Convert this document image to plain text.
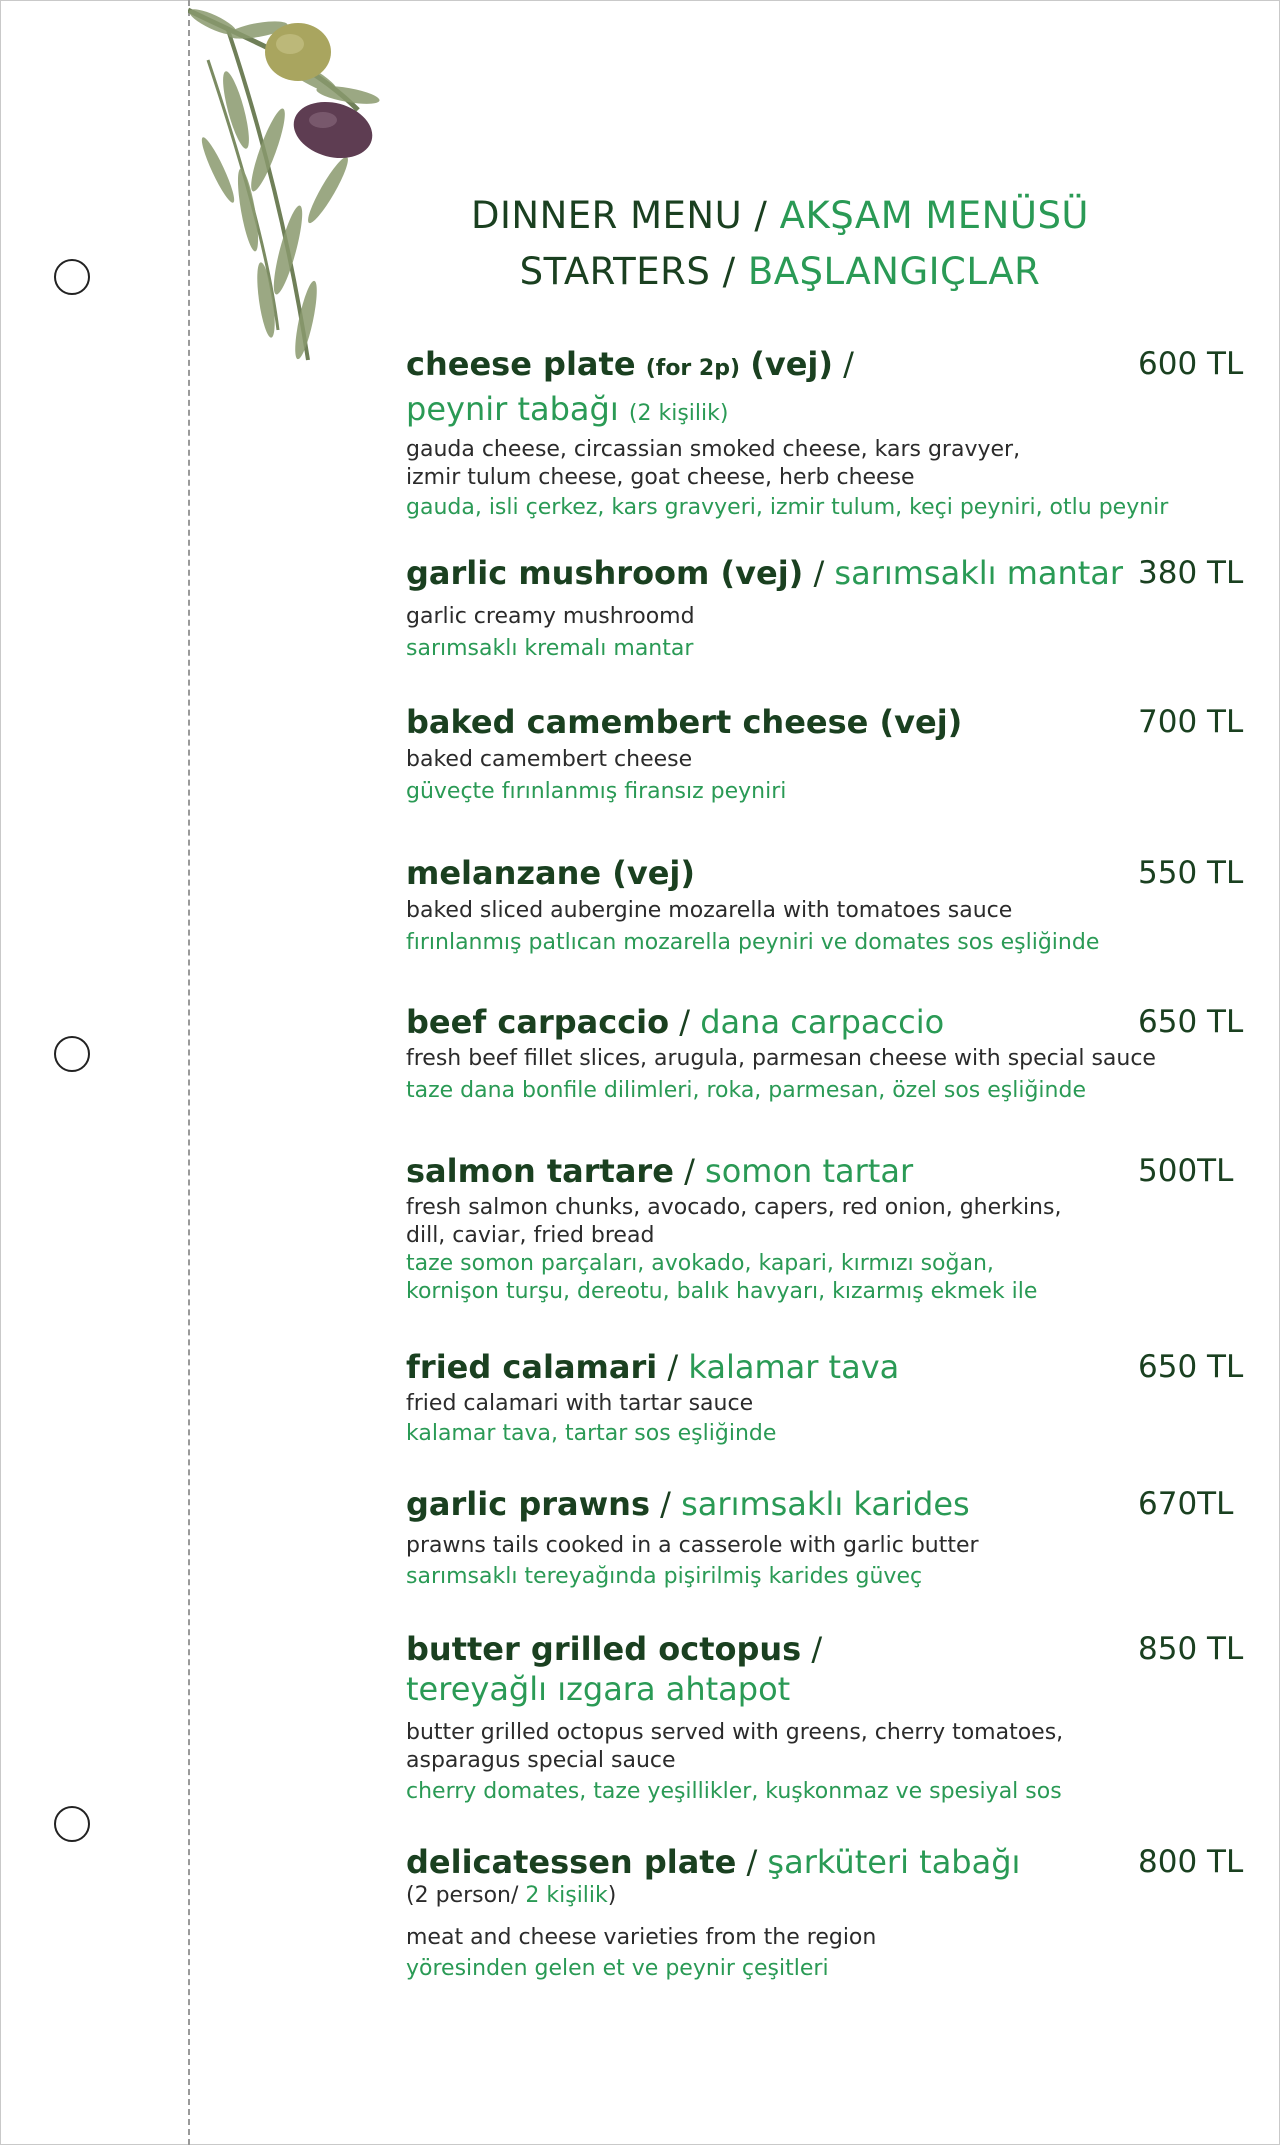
DINNER MENU / AKŞAM MENÜSÜ
STARTERS / BAŞLANGIÇLAR
cheese plate (for 2p) (vej) /
peynir tabağı (2 kişilik)
gauda cheese, circassian smoked cheese, kars gravyer,
izmir tulum cheese, goat cheese, herb cheese
gauda, isli çerkez, kars gravyeri, izmir tulum, keçi peyniri, otlu peynir
600 TL
garlic mushroom (vej) / sarımsaklı mantar
garlic creamy mushroomd
sarımsaklı kremalı mantar
380 TL
baked camembert cheese (vej)
baked camembert cheese
güveçte fırınlanmış firansız peyniri
700 TL
melanzane (vej)
baked sliced aubergine mozarella with tomatoes sauce
fırınlanmış patlıcan mozarella peyniri ve domates sos eşliğinde
550 TL
beef carpaccio / dana carpaccio
fresh beef fillet slices, arugula, parmesan cheese with special sauce
taze dana bonfile dilimleri, roka, parmesan, özel sos eşliğinde
650 TL
salmon tartare / somon tartar
fresh salmon chunks, avocado, capers, red onion, gherkins,
dill, caviar, fried bread
taze somon parçaları, avokado, kapari, kırmızı soğan,
kornişon turşu, dereotu, balık havyarı, kızarmış ekmek ile
500TL
fried calamari / kalamar tava
fried calamari with tartar sauce
kalamar tava, tartar sos eşliğinde
650 TL
garlic prawns / sarımsaklı karides
prawns tails cooked in a casserole with garlic butter
sarımsaklı tereyağında pişirilmiş karides güveç
670TL
butter grilled octopus /
tereyağlı ızgara ahtapot
butter grilled octopus served with greens, cherry tomatoes,
asparagus special sauce
cherry domates, taze yeşillikler, kuşkonmaz ve spesiyal sos
850 TL
delicatessen plate / şarküteri tabağı
(2 person/ 2 kişilik)
meat and cheese varieties from the region
yöresinden gelen et ve peynir çeşitleri
800 TL
